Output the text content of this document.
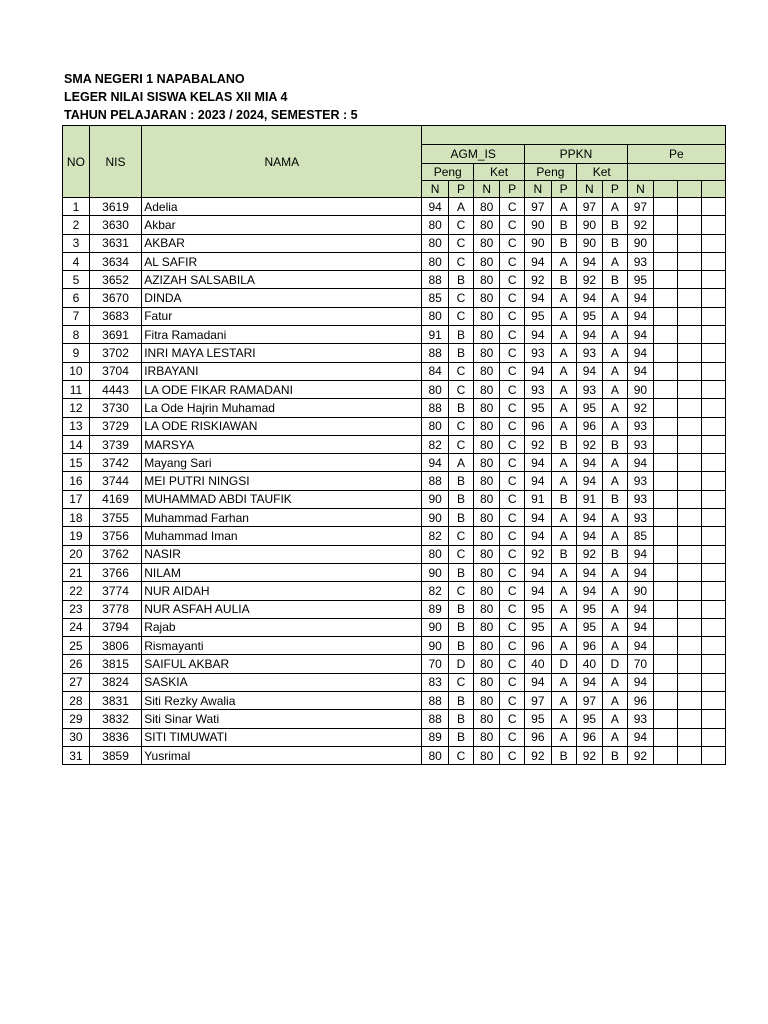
SMA NEGERI 1 NAPABALANO
LEGER NILAI SISWA KELAS XII MIA 4
TAHUN PELAJARAN : 2023 / 2024, SEMESTER : 5
NO	NIS	NAMA												
			AGM_IS				PPKN				Pe			
			Peng		Ket		Peng		Ket					
			N	P	N	P	N	P	N	P	N			
1	3619	Adelia	94	A	80	C	97	A	97	A	97			
2	3630	Akbar	80	C	80	C	90	B	90	B	92			
3	3631	AKBAR	80	C	80	C	90	B	90	B	90			
4	3634	AL SAFIR	80	C	80	C	94	A	94	A	93			
5	3652	AZIZAH SALSABILA	88	B	80	C	92	B	92	B	95			
6	3670	DINDA	85	C	80	C	94	A	94	A	94			
7	3683	Fatur	80	C	80	C	95	A	95	A	94			
8	3691	Fitra Ramadani	91	B	80	C	94	A	94	A	94			
9	3702	INRI MAYA LESTARI	88	B	80	C	93	A	93	A	94			
10	3704	IRBAYANI	84	C	80	C	94	A	94	A	94			
11	4443	LA ODE FIKAR RAMADANI	80	C	80	C	93	A	93	A	90			
12	3730	La Ode Hajrin Muhamad	88	B	80	C	95	A	95	A	92			
13	3729	LA ODE RISKIAWAN	80	C	80	C	96	A	96	A	93			
14	3739	MARSYA	82	C	80	C	92	B	92	B	93			
15	3742	Mayang Sari	94	A	80	C	94	A	94	A	94			
16	3744	MEI PUTRI NINGSI	88	B	80	C	94	A	94	A	93			
17	4169	MUHAMMAD ABDI TAUFIK	90	B	80	C	91	B	91	B	93			
18	3755	Muhammad Farhan	90	B	80	C	94	A	94	A	93			
19	3756	Muhammad Iman	82	C	80	C	94	A	94	A	85			
20	3762	NASIR	80	C	80	C	92	B	92	B	94			
21	3766	NILAM	90	B	80	C	94	A	94	A	94			
22	3774	NUR AIDAH	82	C	80	C	94	A	94	A	90			
23	3778	NUR ASFAH AULIA	89	B	80	C	95	A	95	A	94			
24	3794	Rajab	90	B	80	C	95	A	95	A	94			
25	3806	Rismayanti	90	B	80	C	96	A	96	A	94			
26	3815	SAIFUL AKBAR	70	D	80	C	40	D	40	D	70			
27	3824	SASKIA	83	C	80	C	94	A	94	A	94			
28	3831	Siti Rezky Awalia	88	B	80	C	97	A	97	A	96			
29	3832	Siti Sinar Wati	88	B	80	C	95	A	95	A	93			
30	3836	SITI TIMUWATI	89	B	80	C	96	A	96	A	94			
31	3859	Yusrimal	80	C	80	C	92	B	92	B	92			
